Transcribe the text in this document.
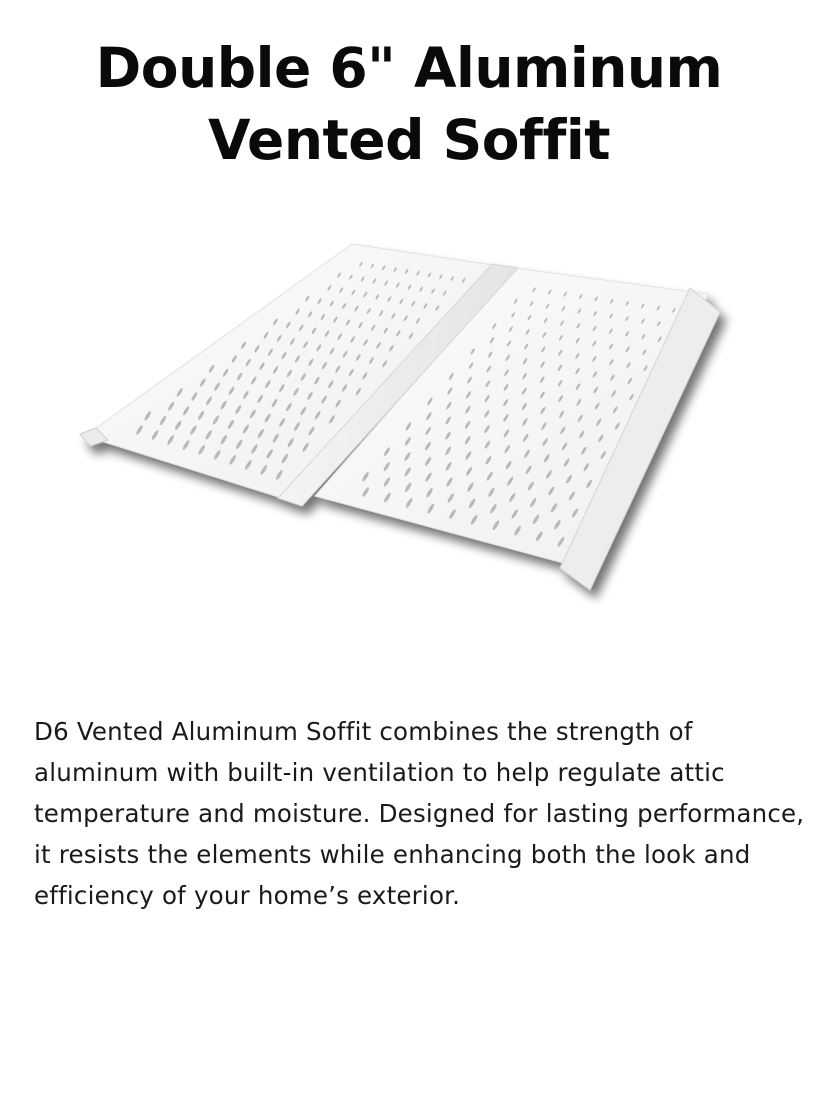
Double 6" Aluminum
Vented Soffit

D6 Vented Aluminum Soffit combines the strength of aluminum with built-in ventilation to help regulate attic temperature and moisture. Designed for lasting performance, it resists the elements while enhancing both the look and efficiency of your home’s exterior.
